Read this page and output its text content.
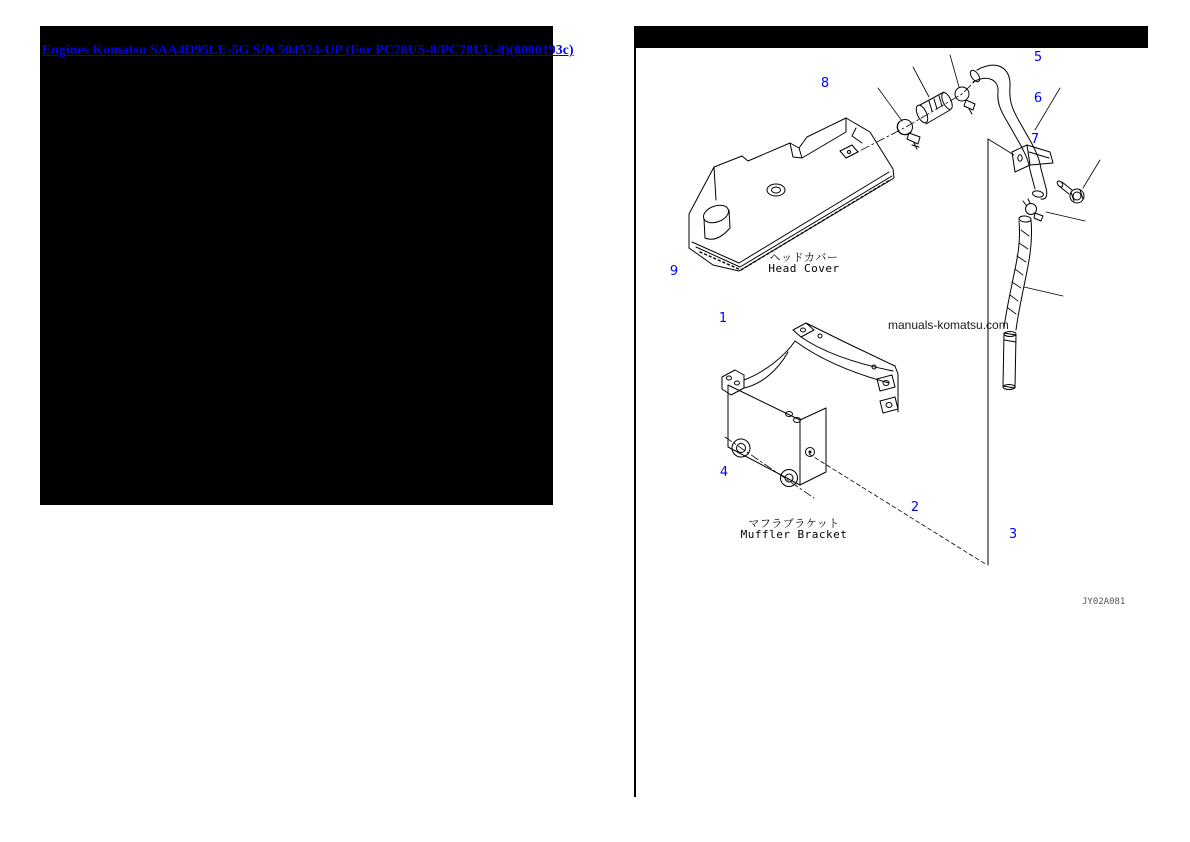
Engines Komatsu SAA4D95LE-5G S/N 504574-UP (For PC78US-8/PC78UU-8)(0000193c)
1
2
3
4
5
6
7
8
9
ヘッドカバー
Head Cover
マフラブラケット
Muffler Bracket
manuals-komatsu.com
JY02A081
